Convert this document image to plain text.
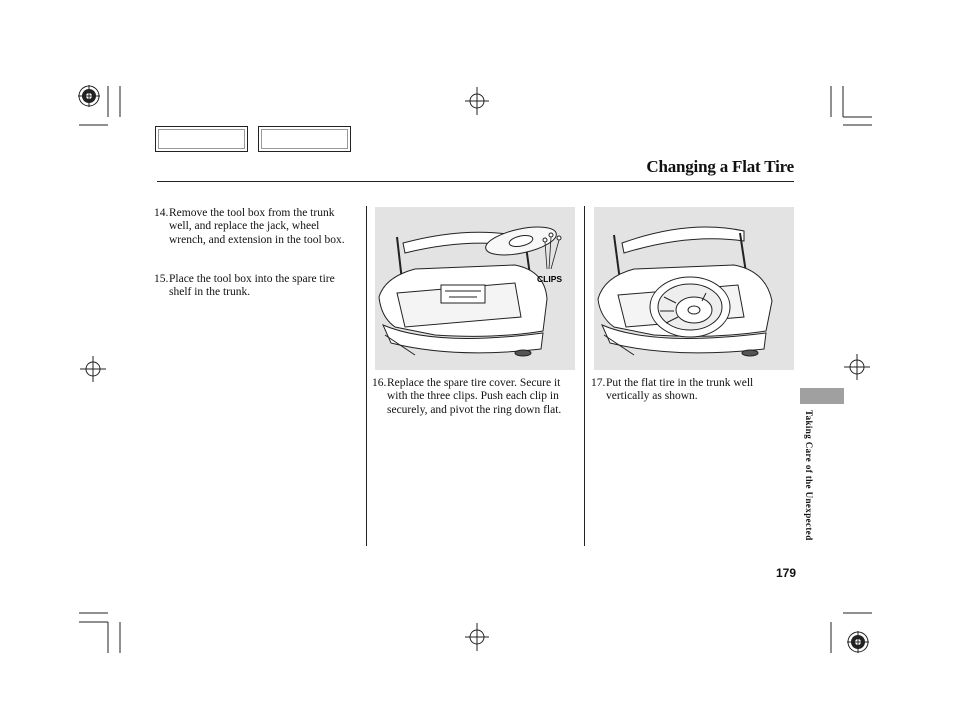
Changing a Flat Tire
14. Remove the tool box from the trunk well, and replace the jack, wheel wrench, and extension in the tool box.
15. Place the tool box into the spare tire shelf in the trunk.
CLIPS
16. Replace the spare tire cover. Secure it with the three clips. Push each clip in securely, and pivot the ring down flat.
17. Put the flat tire in the trunk well vertically as shown.
Taking Care of the Unexpected
179
